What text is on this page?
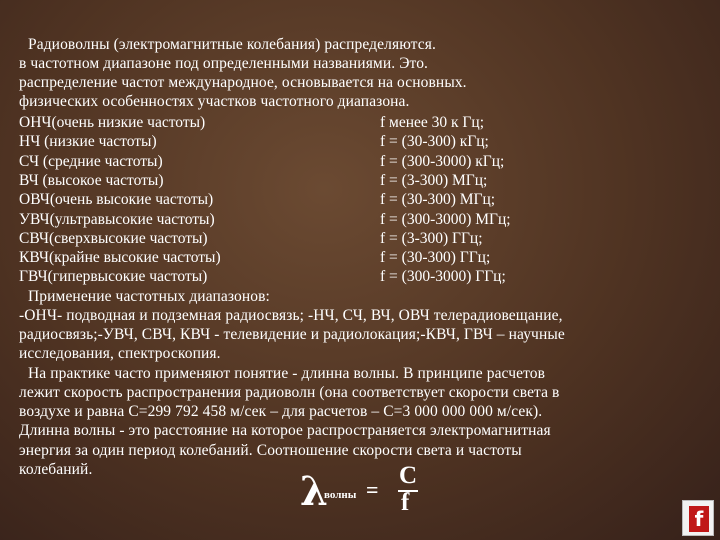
Радиоволны (электромагнитные колебания) распределяются.
в частотном диапазоне под определенными названиями. Это.
распределение частот международное, основывается на основных.
физических особенностях участков частотного диапазона.
ОНЧ(очень низкие частоты)	f менее 30 к Гц;
НЧ (низкие частоты)	f = (30-300) кГц;
СЧ (средние частоты)	f = (300-3000) кГц;
ВЧ (высокое частоты)	f = (3-300) МГц;
ОВЧ(очень высокие частоты)	f = (30-300) МГц;
УВЧ(ультравысокие частоты)	f = (300-3000) МГц;
СВЧ(сверхвысокие частоты)	f = (3-300) ГГц;
КВЧ(крайне высокие частоты)	f = (30-300) ГГц;
ГВЧ(гипервысокие частоты)	f = (300-3000) ГГц;
Применение частотных диапазонов:
-ОНЧ- подводная и подземная радиосвязь; -НЧ, СЧ, ВЧ, ОВЧ телерадиовещание,
радиосвязь;-УВЧ, СВЧ, КВЧ - телевидение и радиолокация;-КВЧ, ГВЧ – научные
исследования, спектроскопия.
На практике часто применяют понятие - длинна волны. В принципе расчетов
лежит скорость распространения радиоволн (она соответствует скорости света в
воздухе и равна С=299 792 458 м/сек – для расчетов – С=3 000 000 000 м/сек).
Длинна волны - это расстояние на которое распространяется электромагнитная
энергия за один период колебаний. Соотношение скорости света и частоты
колебаний.	λ
волны =
C
f
f
